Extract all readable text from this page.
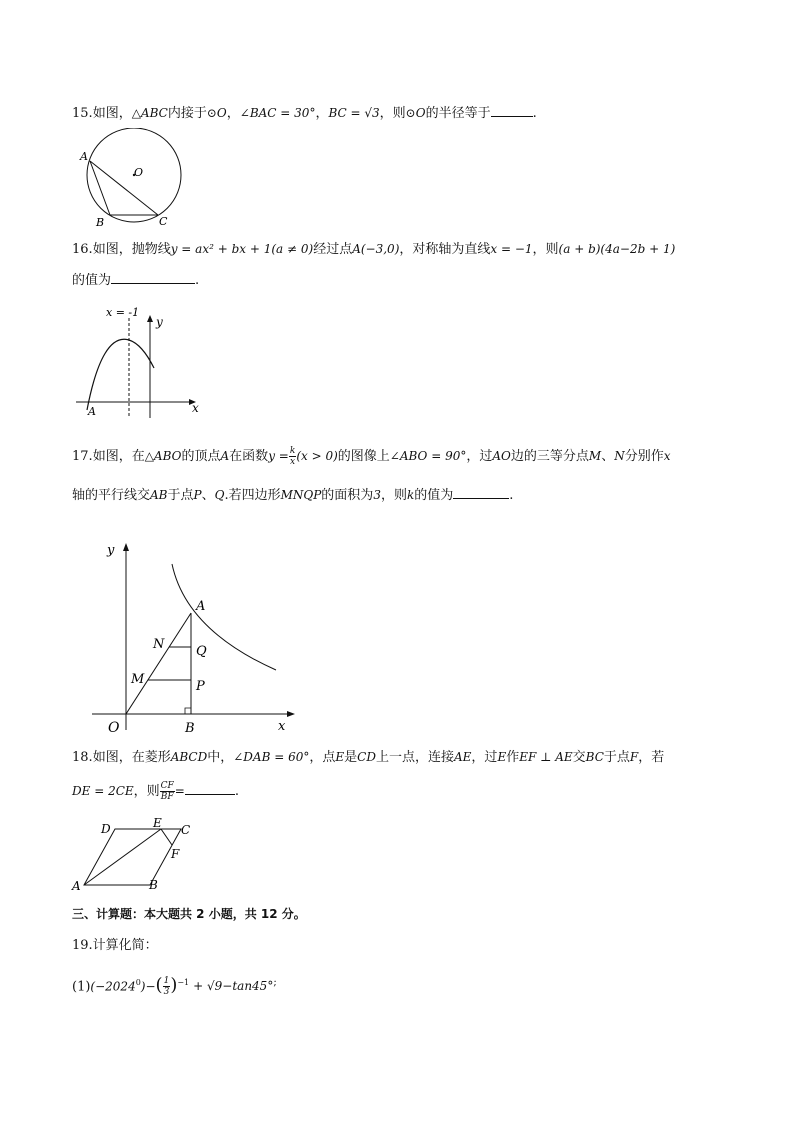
15.如图，△ABC内接于⊙O，∠BAC = 30°，BC = √3，则⊙O的半径等于	.
A
O
B	C
16.如图，抛物线y = ax² + bx + 1(a ≠ 0)经过点A(−3,0)，对称轴为直线x = −1，则(a + b)(4a−2b + 1)
的值为	.
x = -1
y
x
A
17.如图，在△ABO的顶点A在函数$y = \frac{k}{x} (x > 0)$的图像上∠ABO = 90°，过AO边的三等分点M、N分别作x
轴的平行线交AB于点P、Q.若四边形MNQP的面积为3，则k的值为	.
y
x
O
A
B
N Q
M	P
18.如图，在菱形ABCD中，∠DAB = 60°，点E是CD上一点，连接AE，过E作EF ⊥ AE交BC于点F，若
DE = 2CE，则 $\frac{CF}{BF}$ =	.
D	E C
F
A	B
三、计算题：本大题共 2 小题，共 12 分。
19.计算化简：
$(1)(-2024^0)-( \frac{1}{3} )^{-1} + √9-\tan 45^\circ^;$
